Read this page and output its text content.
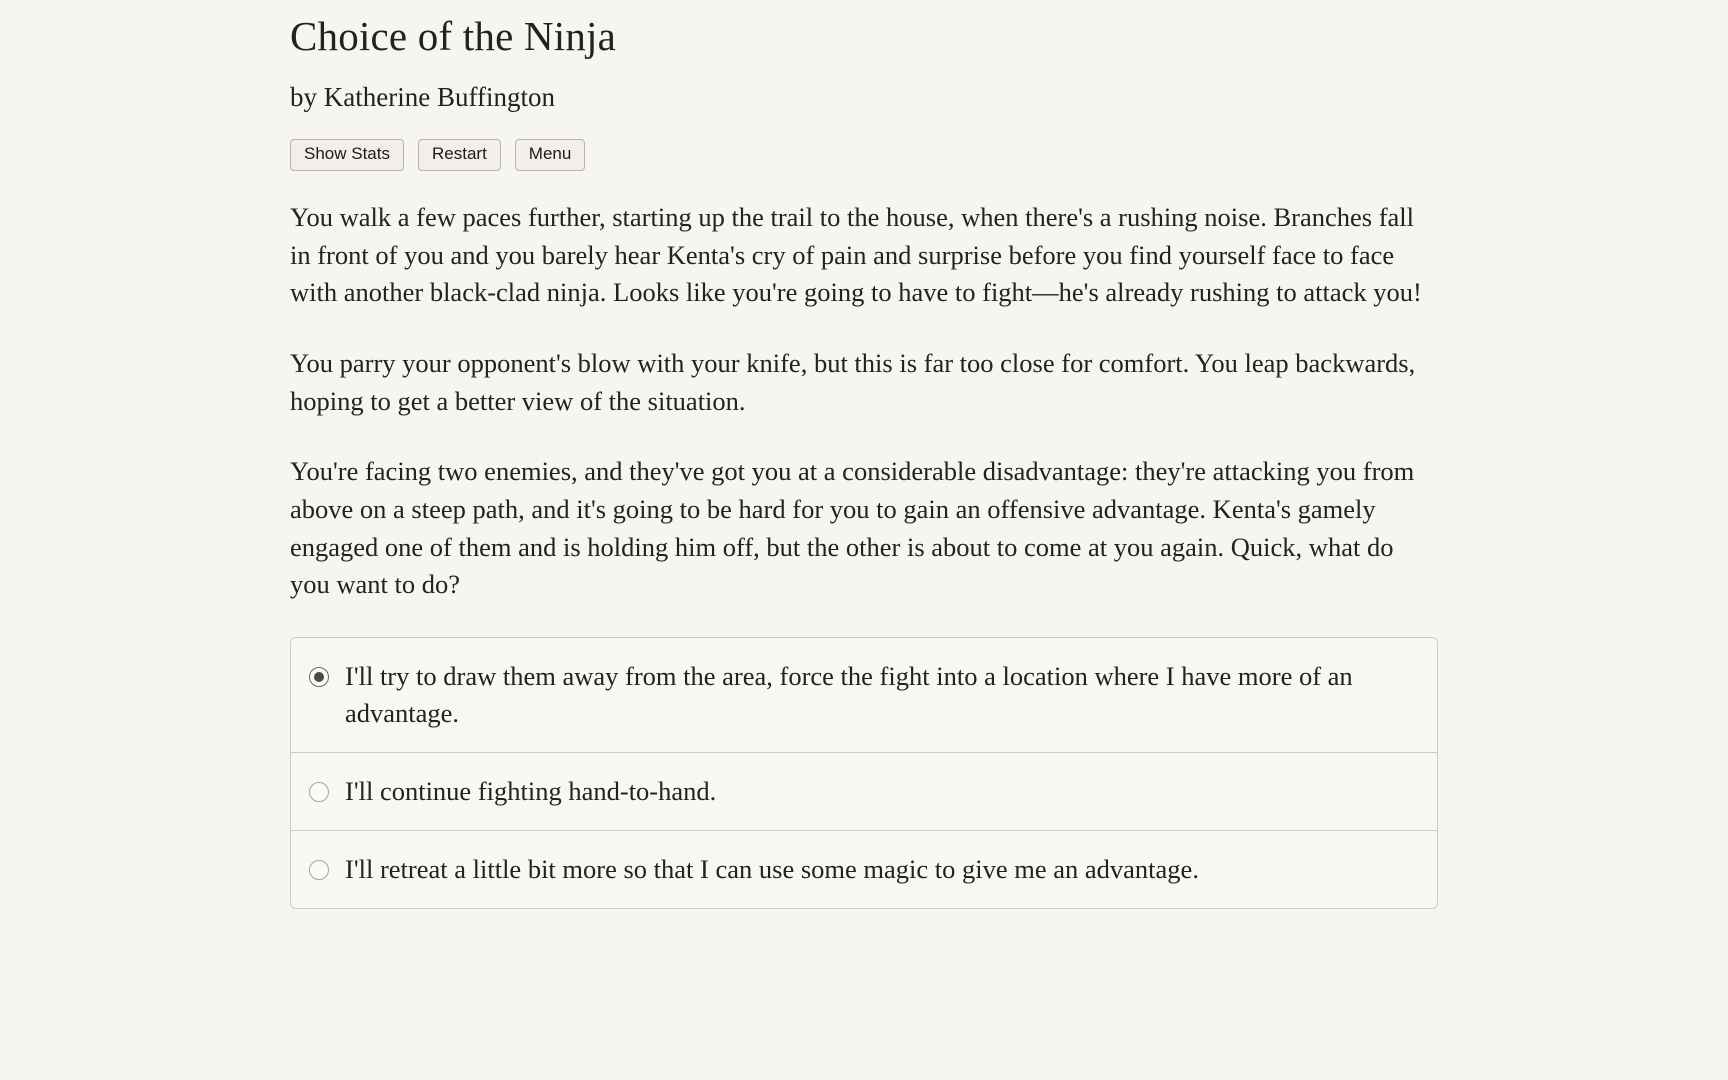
Choice of the Ninja
by Katherine Buffington
Show Stats	Restart	Menu

You walk a few paces further, starting up the trail to the house, when there's a rushing noise. Branches fall in front of you and you barely hear Kenta's cry of pain and surprise before you find yourself face to face with another black-clad ninja. Looks like you're going to have to fight—he's already rushing to attack you!

You parry your opponent's blow with your knife, but this is far too close for comfort. You leap backwards, hoping to get a better view of the situation.

You're facing two enemies, and they've got you at a considerable disadvantage: they're attacking you from above on a steep path, and it's going to be hard for you to gain an offensive advantage. Kenta's gamely engaged one of them and is holding him off, but the other is about to come at you again. Quick, what do you want to do?

I'll try to draw them away from the area, force the fight into a location where I have more of an advantage.
I'll continue fighting hand-to-hand.
I'll retreat a little bit more so that I can use some magic to give me an advantage.
